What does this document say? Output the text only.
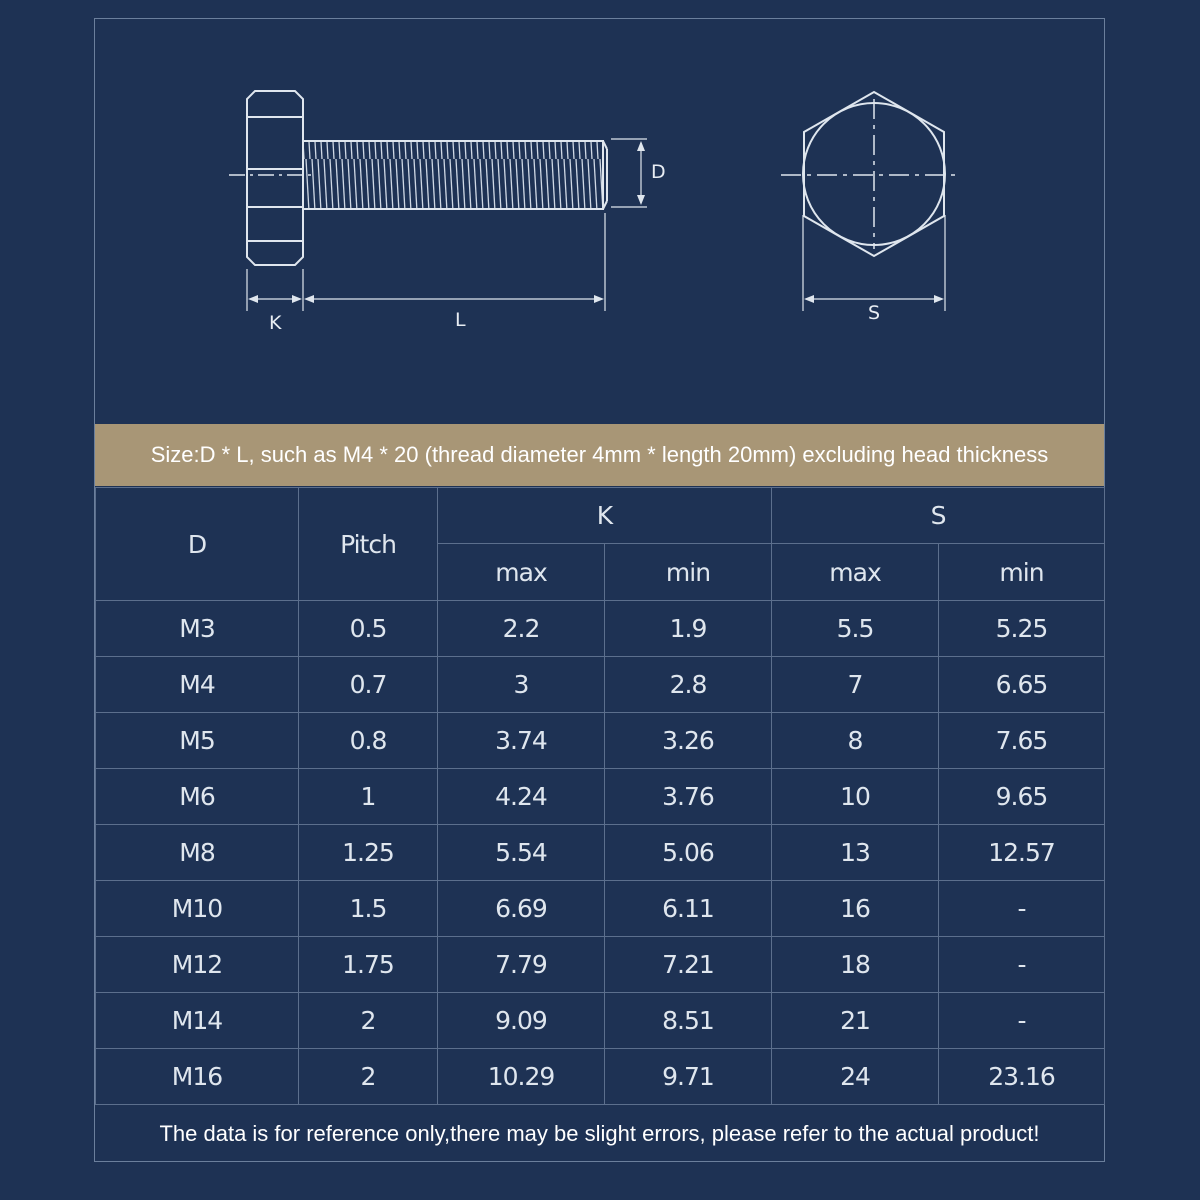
D
K	L	S
Size:D * L, such as M4 * 20 (thread diameter 4mm * length 20mm) excluding head thickness
D	Pitch	K		S	
		max	min	max	min
M3	0.5	2.2	1.9	5.5	5.25
M4	0.7	3	2.8	7	6.65
M5	0.8	3.74	3.26	8	7.65
M6	1	4.24	3.76	10	9.65
M8	1.25	5.54	5.06	13	12.57
M10	1.5	6.69	6.11	16	-
M12	1.75	7.79	7.21	18	-
M14	2	9.09	8.51	21	-
M16	2	10.29	9.71	24	23.16
The data is for reference only,there may be slight errors, please refer to the actual product!
